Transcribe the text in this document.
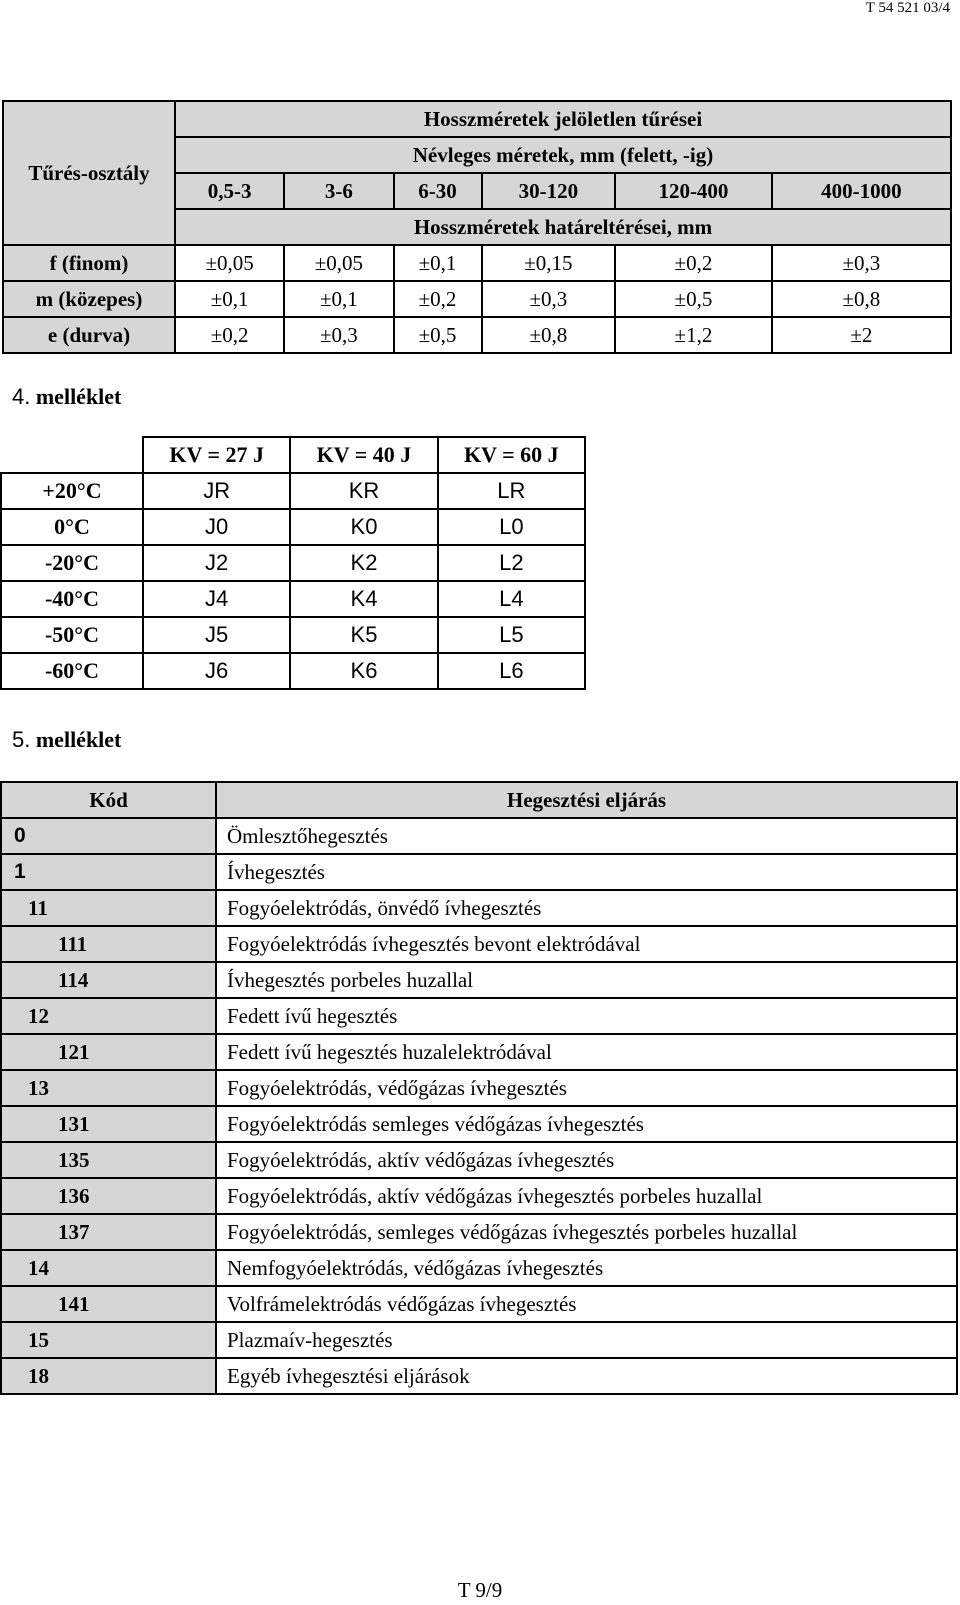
T 54 521 03/4
Tűrés-osztály	Hosszméretek jelöletlen tűrései					
	Névleges méretek, mm (felett, -ig)					
	0,5-3	3-6	6-30	30-120	120-400	400-1000
	Hosszméretek határeltérései, mm					
f (finom)	±0,05	±0,05	±0,1	±0,15	±0,2	±0,3
m (közepes)	±0,1	±0,1	±0,2	±0,3	±0,5	±0,8
e (durva)	±0,2	±0,3	±0,5	±0,8	±1,2	±2
4. melléklet
	KV = 27 J	KV = 40 J	KV = 60 J
+20°C	JR	KR	LR
0°C	J0	K0	L0
-20°C	J2	K2	L2
-40°C	J4	K4	L4
-50°C	J5	K5	L5
-60°C	J6	K6	L6
5. melléklet
Kód	Hegesztési eljárás
0	Ömlesztőhegesztés
1	Ívhegesztés
11	Fogyóelektródás, önvédő ívhegesztés
111	Fogyóelektródás ívhegesztés bevont elektródával
114	Ívhegesztés porbeles huzallal
12	Fedett ívű hegesztés
121	Fedett ívű hegesztés huzalelektródával
13	Fogyóelektródás, védőgázas ívhegesztés
131	Fogyóelektródás semleges védőgázas ívhegesztés
135	Fogyóelektródás, aktív védőgázas ívhegesztés
136	Fogyóelektródás, aktív védőgázas ívhegesztés porbeles huzallal
137	Fogyóelektródás, semleges védőgázas ívhegesztés porbeles huzallal
14	Nemfogyóelektródás, védőgázas ívhegesztés
141	Volfrámelektródás védőgázas ívhegesztés
15	Plazmaív-hegesztés
18	Egyéb ívhegesztési eljárások
T 9/9
